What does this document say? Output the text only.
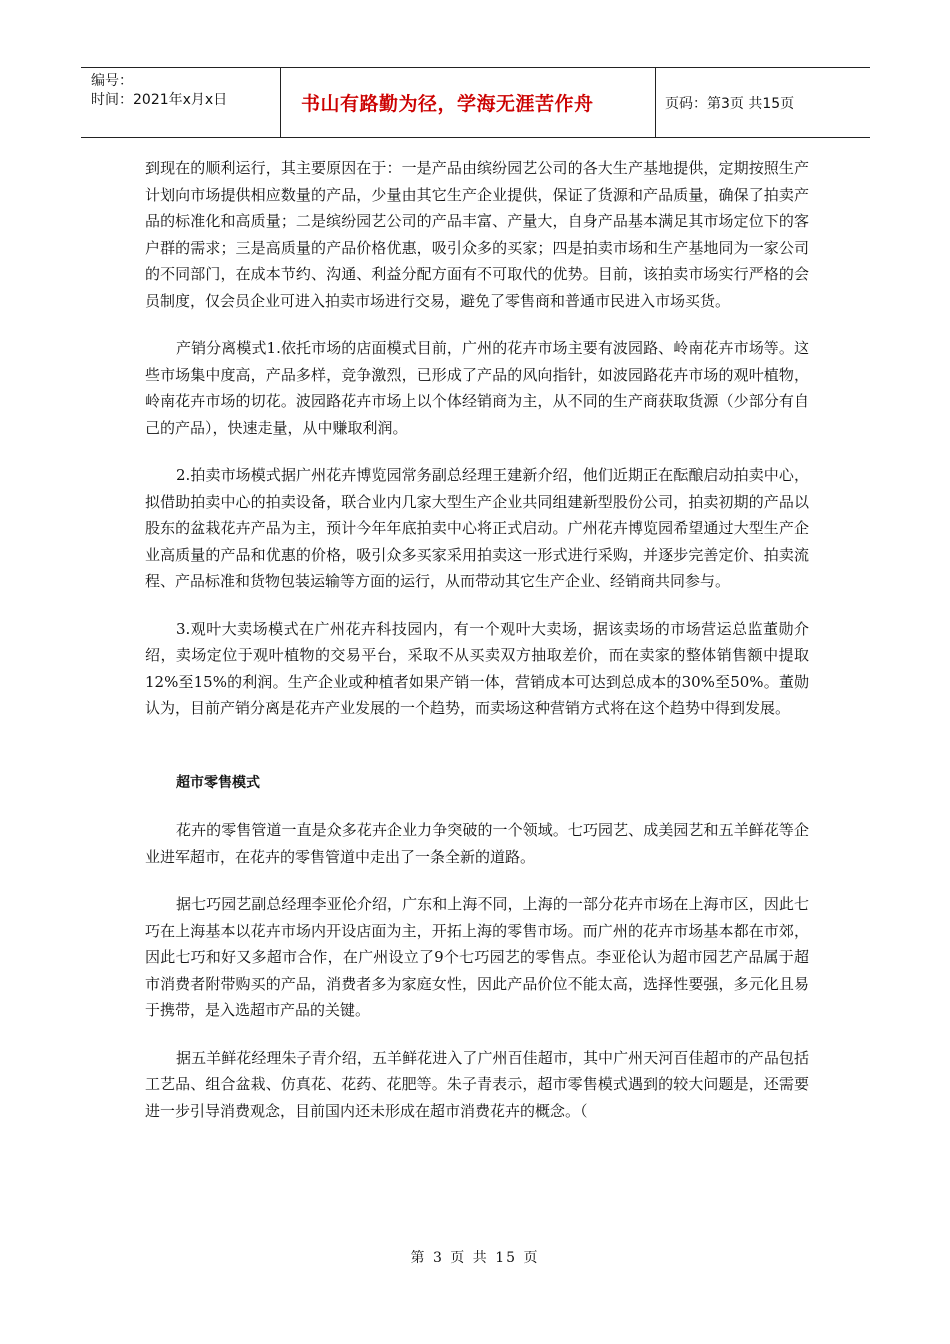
编号：
时间：2021年x月x日	书山有路勤为径，学海无涯苦作舟	页码：第3页 共15页

到现在的顺利运行，其主要原因在于：一是产品由缤纷园艺公司的各大生产基地提供，定期按照生产计划向市场提供相应数量的产品，少量由其它生产企业提供，保证了货源和产品质量，确保了拍卖产品的标准化和高质量；二是缤纷园艺公司的产品丰富、产量大，自身产品基本满足其市场定位下的客户群的需求；三是高质量的产品价格优惠，吸引众多的买家；四是拍卖市场和生产基地同为一家公司的不同部门，在成本节约、沟通、利益分配方面有不可取代的优势。目前，该拍卖市场实行严格的会员制度，仅会员企业可进入拍卖市场进行交易，避免了零售商和普通市民进入市场买货。

产销分离模式1.依托市场的店面模式目前，广州的花卉市场主要有波园路、岭南花卉市场等。这些市场集中度高，产品多样，竞争激烈，已形成了产品的风向指针，如波园路花卉市场的观叶植物，岭南花卉市场的切花。波园路花卉市场上以个体经销商为主，从不同的生产商获取货源（少部分有自己的产品），快速走量，从中赚取利润。

2.拍卖市场模式据广州花卉博览园常务副总经理王建新介绍，他们近期正在酝酿启动拍卖中心，拟借助拍卖中心的拍卖设备，联合业内几家大型生产企业共同组建新型股份公司，拍卖初期的产品以股东的盆栽花卉产品为主，预计今年年底拍卖中心将正式启动。广州花卉博览园希望通过大型生产企业高质量的产品和优惠的价格，吸引众多买家采用拍卖这一形式进行采购，并逐步完善定价、拍卖流程、产品标准和货物包装运输等方面的运行，从而带动其它生产企业、经销商共同参与。

3.观叶大卖场模式在广州花卉科技园内，有一个观叶大卖场，据该卖场的市场营运总监董勋介绍，卖场定位于观叶植物的交易平台，采取不从买卖双方抽取差价，而在卖家的整体销售额中提取12%至15%的利润。生产企业或种植者如果产销一体，营销成本可达到总成本的30%至50%。董勋认为，目前产销分离是花卉产业发展的一个趋势，而卖场这种营销方式将在这个趋势中得到发展。

超市零售模式

花卉的零售管道一直是众多花卉企业力争突破的一个领域。七巧园艺、成美园艺和五羊鲜花等企业进军超市，在花卉的零售管道中走出了一条全新的道路。

据七巧园艺副总经理李亚伦介绍，广东和上海不同，上海的一部分花卉市场在上海市区，因此七巧在上海基本以花卉市场内开设店面为主，开拓上海的零售市场。而广州的花卉市场基本都在市郊，因此七巧和好又多超市合作，在广州设立了9个七巧园艺的零售点。李亚伦认为超市园艺产品属于超市消费者附带购买的产品，消费者多为家庭女性，因此产品价位不能太高，选择性要强，多元化且易于携带，是入选超市产品的关键。

据五羊鲜花经理朱子青介绍，五羊鲜花进入了广州百佳超市，其中广州天河百佳超市的产品包括工艺品、组合盆栽、仿真花、花药、花肥等。朱子青表示，超市零售模式遇到的较大问题是，还需要进一步引导消费观念，目前国内还未形成在超市消费花卉的概念。（

第 3 页 共 15 页
